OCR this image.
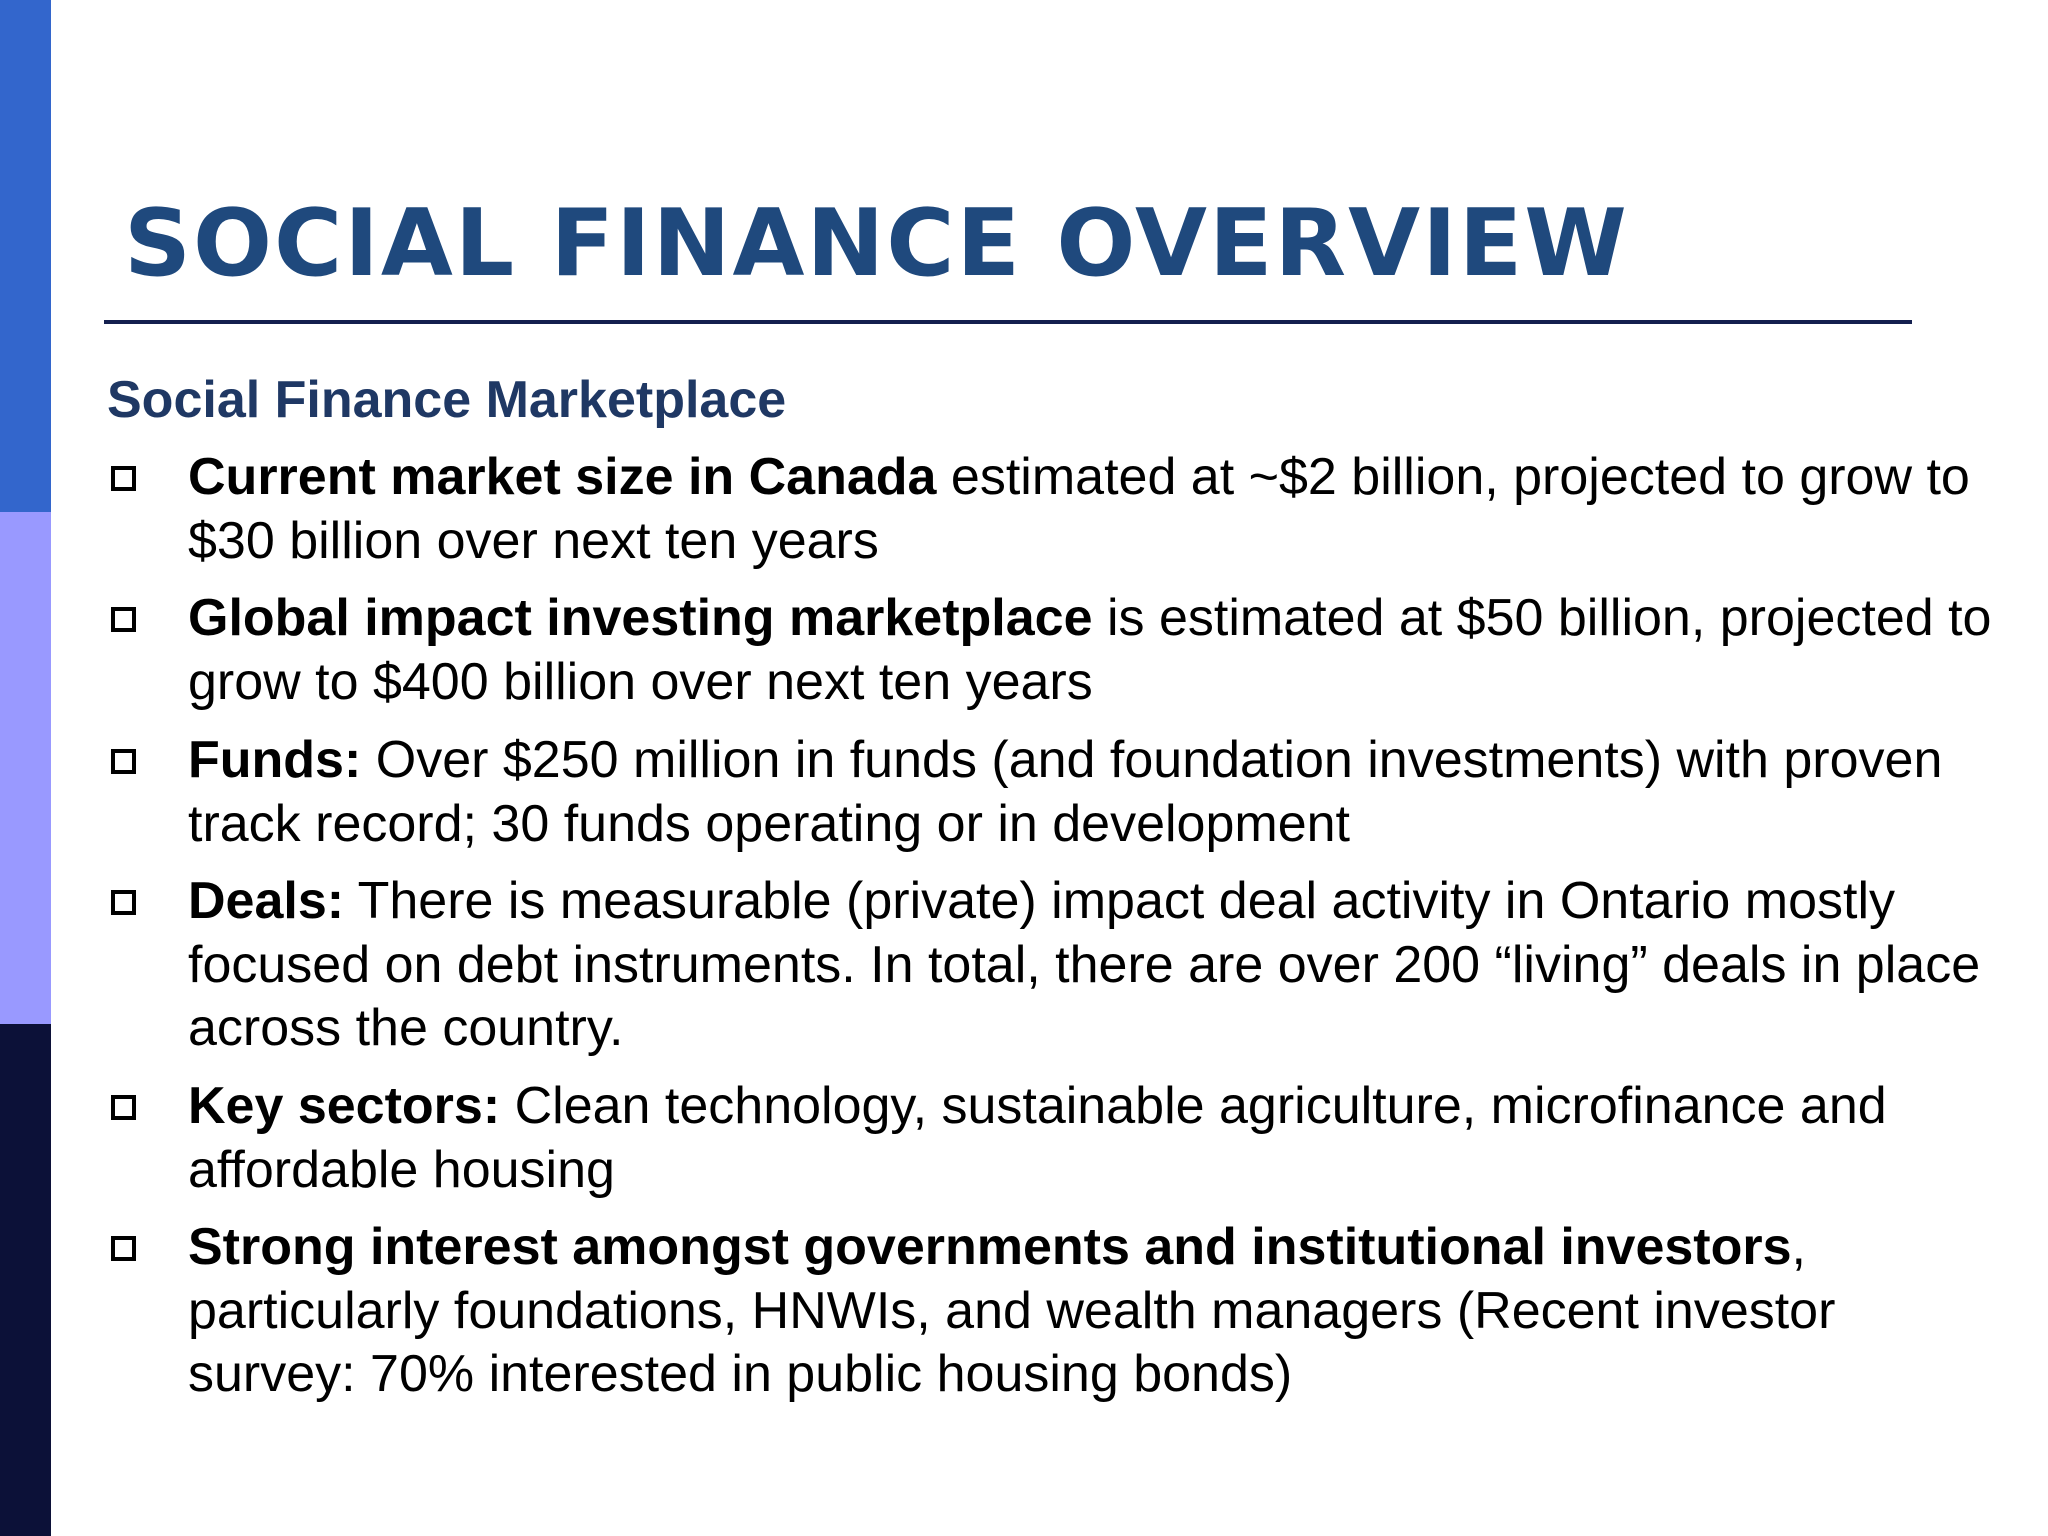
SOCIAL FINANCE OVERVIEW
Social Finance Marketplace
Current market size in Canada estimated at ~$2 billion, projected to grow to $30 billion over next ten years
Global impact investing marketplace is estimated at $50 billion, projected to grow to $400 billion over next ten years
Funds: Over $250 million in funds (and foundation investments) with proven track record; 30 funds operating or in development
Deals: There is measurable (private) impact deal activity in Ontario mostly focused on debt instruments. In total, there are over 200 “living” deals in place across the country.
Key sectors: Clean technology, sustainable agriculture, microfinance and affordable housing
Strong interest amongst governments and institutional investors, particularly foundations, HNWIs, and wealth managers (Recent investor survey: 70% interested in public housing bonds)
